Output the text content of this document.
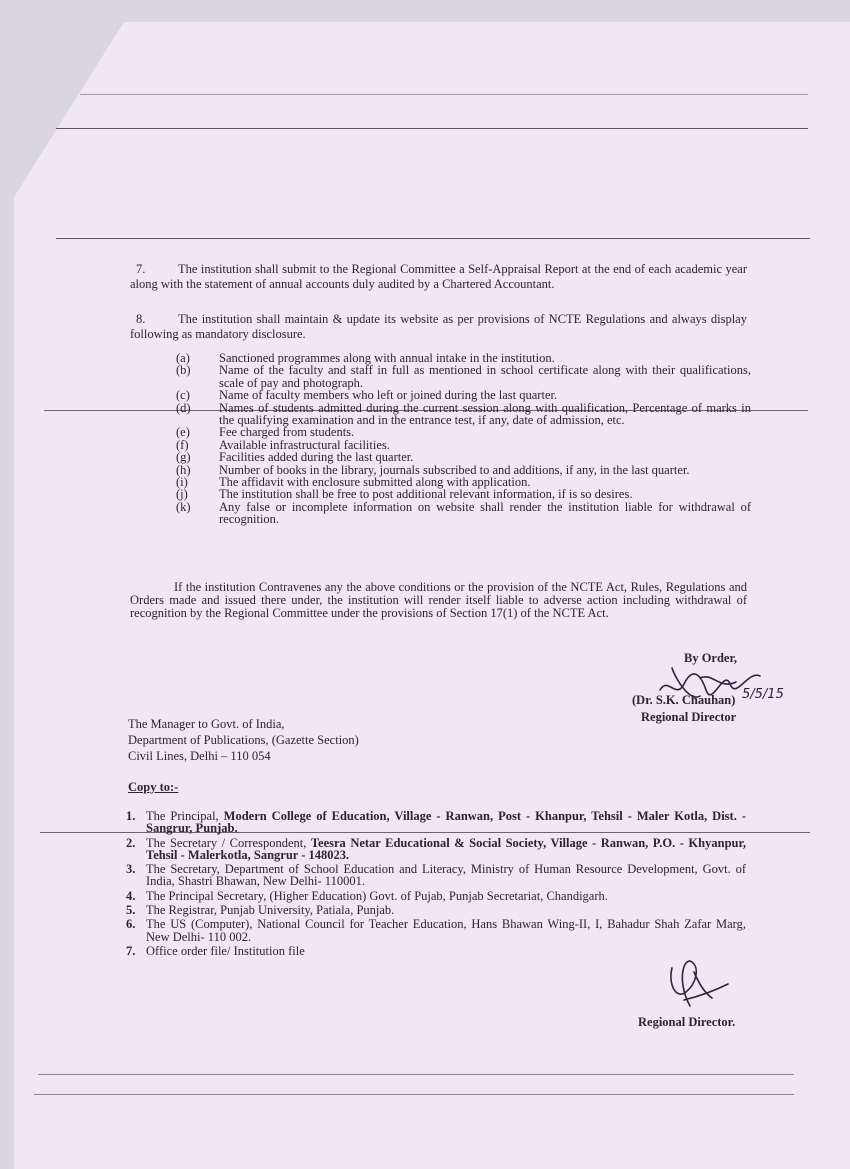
7.	The institution shall submit to the Regional Committee a Self-Appraisal Report at the end of each academic year along with the statement of annual accounts duly audited by a Chartered Accountant.
8.	The institution shall maintain & update its website as per provisions of NCTE Regulations and always display following as mandatory disclosure.
(a)	Sanctioned programmes along with annual intake in the institution.
(b)	Name of the faculty and staff in full as mentioned in school certificate along with their qualifications, scale of pay and photograph.
(c)	Name of faculty members who left or joined during the last quarter.
(d)	Names of students admitted during the current session along with qualification, Percentage of marks in the qualifying examination and in the entrance test, if any, date of admission, etc.
(e)	Fee charged from students.
(f)	Available infrastructural facilities.
(g)	Facilities added during the last quarter.
(h)	Number of books in the library, journals subscribed to and additions, if any, in the last quarter.
(i)	The affidavit with enclosure submitted along with application.
(j)	The institution shall be free to post additional relevant information, if is so desires.
(k)	Any false or incomplete information on website shall render the institution liable for withdrawal of recognition.
If the institution Contravenes any the above conditions or the provision of the NCTE Act, Rules, Regulations and Orders made and issued there under, the institution will render itself liable to adverse action including withdrawal of recognition by the Regional Committee under the provisions of Section 17(1) of the NCTE Act.
By Order,
(Dr. S.K. Chauhan)
Regional Director
The Manager to Govt. of India,
Department of Publications, (Gazette Section)
Civil Lines, Delhi – 110 054
Copy to:-
1. The Principal, Modern College of Education, Village - Ranwan, Post - Khanpur, Tehsil - Maler Kotla, Dist. - Sangrur, Punjab.
2. The Secretary / Correspondent, Teesra Netar Educational & Social Society, Village - Ranwan, P.O. - Khyanpur, Tehsil - Malerkotla, Sangrur - 148023.
3. The Secretary, Department of School Education and Literacy, Ministry of Human Resource Development, Govt. of India, Shastri Bhawan, New Delhi- 110001.
4. The Principal Secretary, (Higher Education) Govt. of Pujab, Punjab Secretariat, Chandigarh.
5. The Registrar, Punjab University, Patiala, Punjab.
6. The US (Computer), National Council for Teacher Education, Hans Bhawan Wing-II, I, Bahadur Shah Zafar Marg, New Delhi- 110 002.
7. Office order file/ Institution file
Regional Director.
5/5/15
